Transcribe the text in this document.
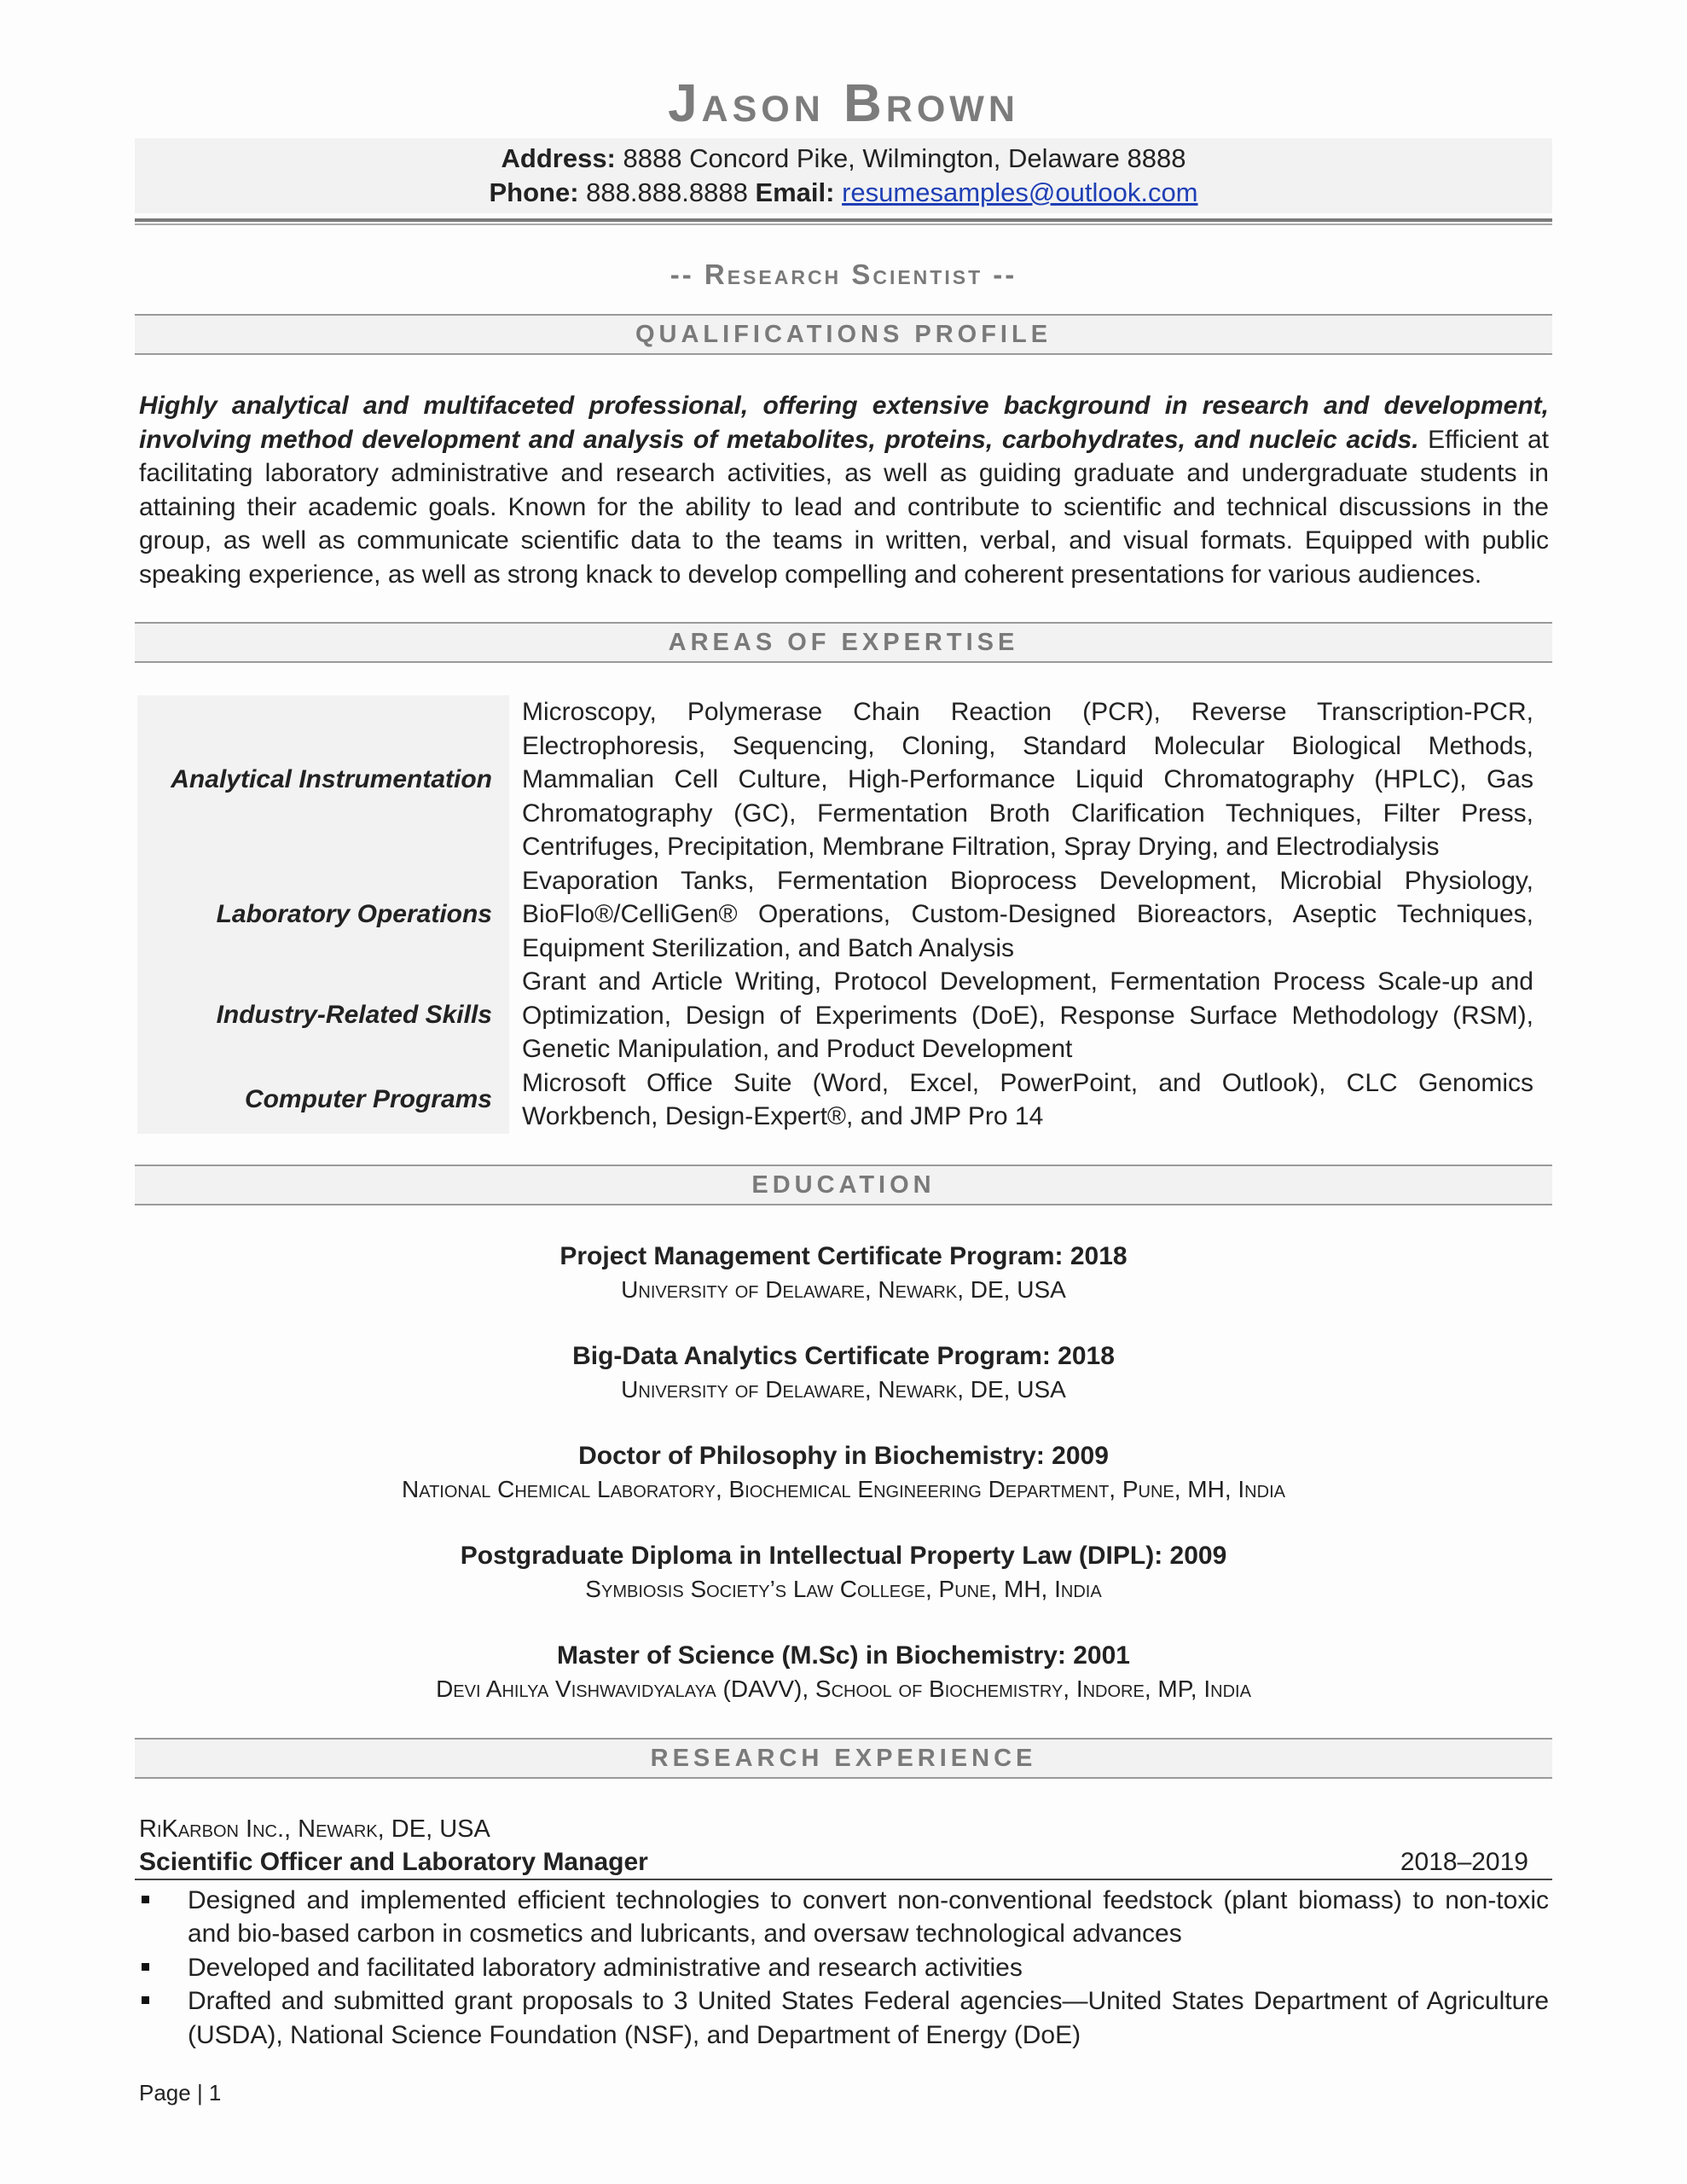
Jason Brown
Address: 8888 Concord Pike, Wilmington, Delaware 8888
Phone: 888.888.8888 Email: resumesamples@outlook.com
-- Research Scientist --
QUALIFICATIONS PROFILE
Highly analytical and multifaceted professional, offering extensive background in research and development, involving method development and analysis of metabolites, proteins, carbohydrates, and nucleic acids. Efficient at facilitating laboratory administrative and research activities, as well as guiding graduate and undergraduate students in attaining their academic goals. Known for the ability to lead and contribute to scientific and technical discussions in the group, as well as communicate scientific data to the teams in written, verbal, and visual formats. Equipped with public speaking experience, as well as strong knack to develop compelling and coherent presentations for various audiences.
AREAS OF EXPERTISE
Analytical Instrumentation
Microscopy, Polymerase Chain Reaction (PCR), Reverse Transcription-PCR, Electrophoresis, Sequencing, Cloning, Standard Molecular Biological Methods, Mammalian Cell Culture, High-Performance Liquid Chromatography (HPLC), Gas Chromatography (GC), Fermentation Broth Clarification Techniques, Filter Press, Centrifuges, Precipitation, Membrane Filtration, Spray Drying, and Electrodialysis
Laboratory Operations
Evaporation Tanks, Fermentation Bioprocess Development, Microbial Physiology, BioFlo®/CelliGen® Operations, Custom-Designed Bioreactors, Aseptic Techniques, Equipment Sterilization, and Batch Analysis
Industry-Related Skills
Grant and Article Writing, Protocol Development, Fermentation Process Scale-up and Optimization, Design of Experiments (DoE), Response Surface Methodology (RSM), Genetic Manipulation, and Product Development
Computer Programs
Microsoft Office Suite (Word, Excel, PowerPoint, and Outlook), CLC Genomics Workbench, Design-Expert®, and JMP Pro 14
EDUCATION
Project Management Certificate Program: 2018
University of Delaware, Newark, DE, USA
Big-Data Analytics Certificate Program: 2018
University of Delaware, Newark, DE, USA
Doctor of Philosophy in Biochemistry: 2009
National Chemical Laboratory, Biochemical Engineering Department, Pune, MH, India
Postgraduate Diploma in Intellectual Property Law (DIPL): 2009
Symbiosis Society’s Law College, Pune, MH, India
Master of Science (M.Sc) in Biochemistry: 2001
Devi Ahilya Vishwavidyalaya (DAVV), School of Biochemistry, Indore, MP, India
RESEARCH EXPERIENCE
RiKarbon Inc., Newark, DE, USA
Scientific Officer and Laboratory Manager	2018–2019
Designed and implemented efficient technologies to convert non-conventional feedstock (plant biomass) to non-toxic and bio-based carbon in cosmetics and lubricants, and oversaw technological advances
Developed and facilitated laboratory administrative and research activities
Drafted and submitted grant proposals to 3 United States Federal agencies—United States Department of Agriculture (USDA), National Science Foundation (NSF), and Department of Energy (DoE)
Page | 1
